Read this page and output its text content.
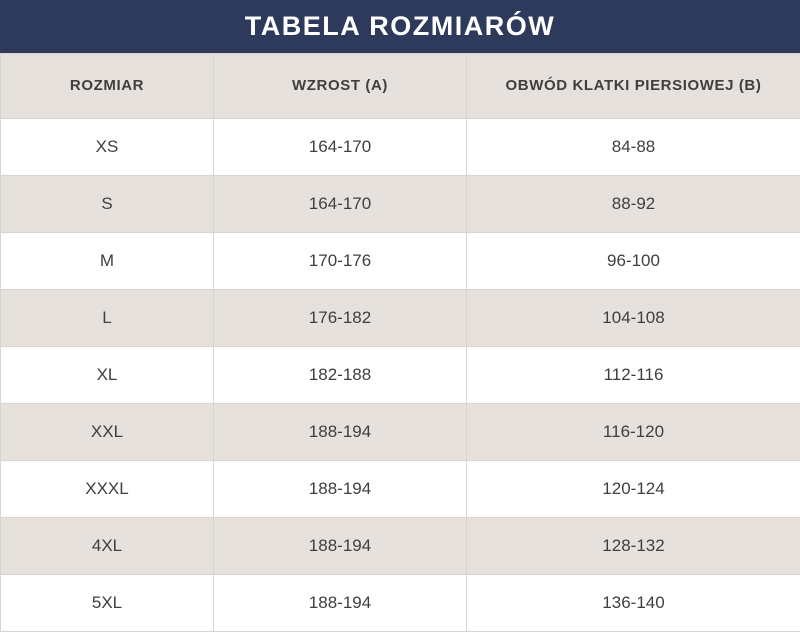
TABELA ROZMIARÓW
ROZMIAR	WZROST (A)	OBWÓD KLATKI PIERSIOWEJ (B)
XS	164-170	84-88
S	164-170	88-92
M	170-176	96-100
L	176-182	104-108
XL	182-188	112-116
XXL	188-194	116-120
XXXL	188-194	120-124
4XL	188-194	128-132
5XL	188-194	136-140
